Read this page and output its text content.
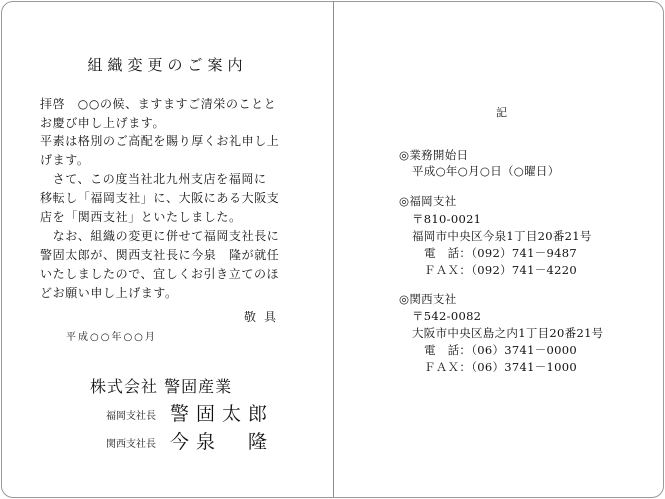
組織変更のご案内
拝啓　○○の候、ますますご清栄のことと
お慶び申し上げます。
平素は格別のご高配を賜り厚くお礼申し上
げます。
　さて、この度当社北九州支店を福岡に
移転し「福岡支社」に、大阪にある大阪支
店を「関西支社」といたしました。
　なお、組織の変更に併せて福岡支社長に
警固太郎が、関西支社長に今泉　隆が就任
いたしましたので、宜しくお引き立てのほ
どお願い申し上げます。
敬具
平成○○年○○月
株式会社 警固産業
福岡支社長 警固太郎
関西支社長 今泉　隆
記
◎業務開始日
平成○年○月○日（○曜日）
◎福岡支社
〒810-0021
福岡市中央区今泉1丁目20番21号
電　話：（092）741－9487
ＦＡＸ：（092）741－4220
◎関西支社
〒542-0082
大阪市中央区島之内1丁目20番21号
電　話：（06）3741－0000
ＦＡＸ：（06）3741－1000
